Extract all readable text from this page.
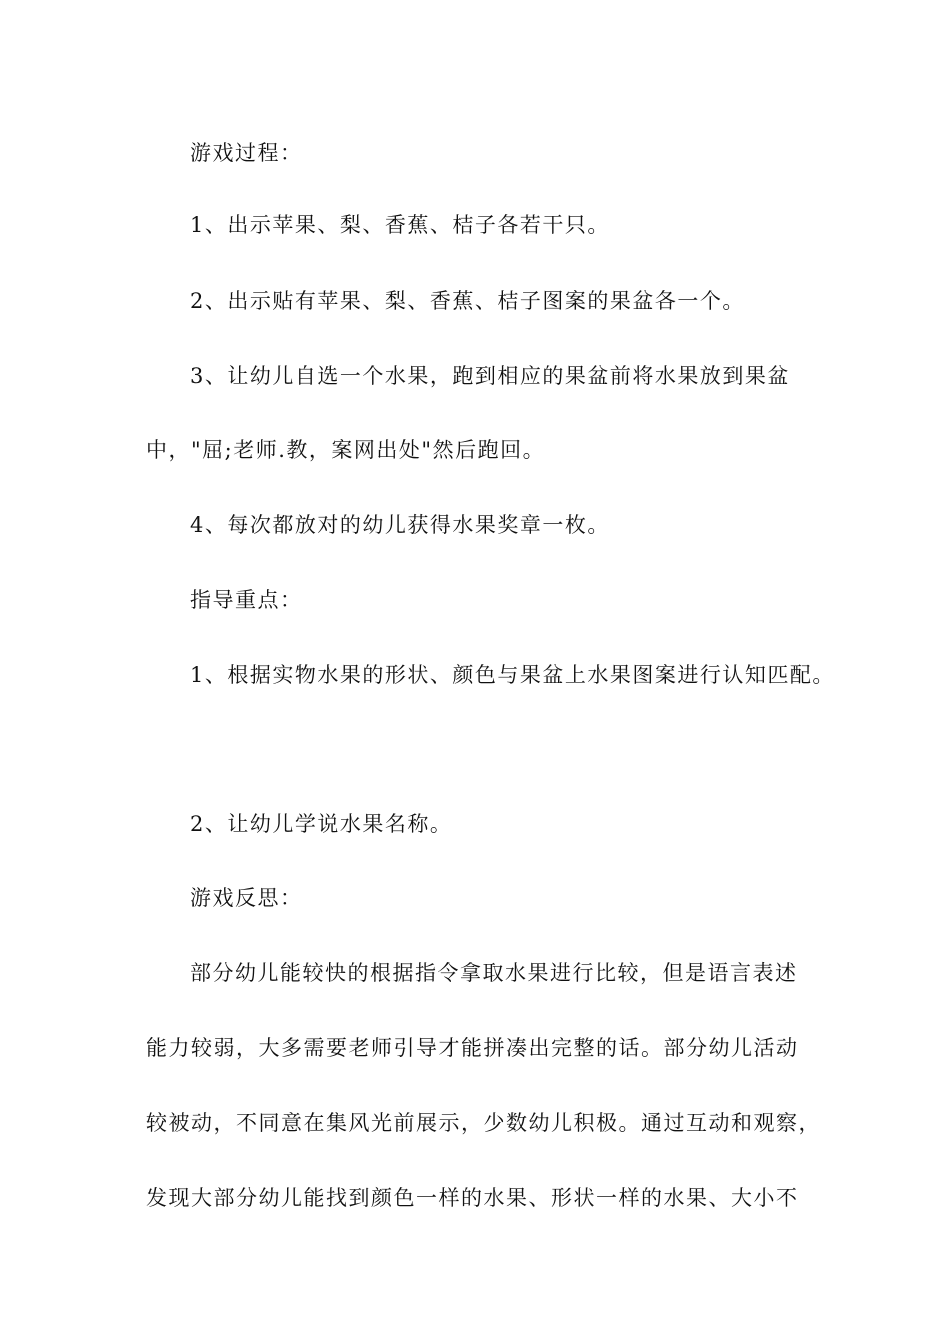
游戏过程：
1、出示苹果、梨、香蕉、桔子各若干只。
2、出示贴有苹果、梨、香蕉、桔子图案的果盆各一个。
3、让幼儿自选一个水果，跑到相应的果盆前将水果放到果盆
中，"屈;老师.教，案网出处"然后跑回。
4、每次都放对的幼儿获得水果奖章一枚。
指导重点：
1、根据实物水果的形状、颜色与果盆上水果图案进行认知匹配。
2、让幼儿学说水果名称。
游戏反思：
部分幼儿能较快的根据指令拿取水果进行比较，但是语言表述
能力较弱，大多需要老师引导才能拼凑出完整的话。部分幼儿活动
较被动，不同意在集风光前展示，少数幼儿积极。通过互动和观察，
发现大部分幼儿能找到颜色一样的水果、形状一样的水果、大小不
